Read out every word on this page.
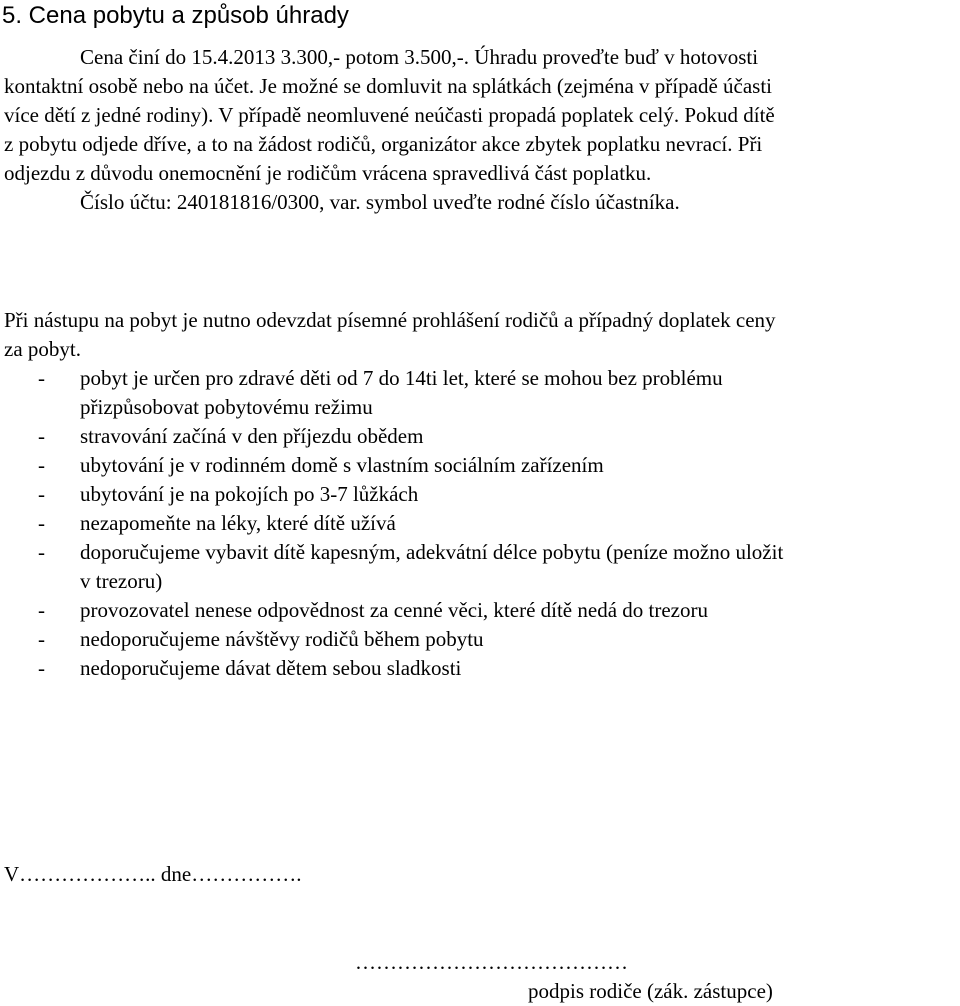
5. Cena pobytu a způsob úhrady
Cena činí do 15.4.2013 3.300,- potom 3.500,-. Úhradu proveďte buď v hotovosti
kontaktní osobě nebo na účet. Je možné se domluvit na splátkách (zejména v případě účasti
více dětí z jedné rodiny). V případě neomluvené neúčasti propadá poplatek celý. Pokud dítě
z pobytu odjede dříve, a to na žádost rodičů, organizátor akce zbytek poplatku nevrací. Při
odjezdu z důvodu onemocnění je rodičům vrácena spravedlivá část poplatku.
Číslo účtu: 240181816/0300, var. symbol uveďte rodné číslo účastníka.
Při nástupu na pobyt je nutno odevzdat písemné prohlášení rodičů a případný doplatek ceny
za pobyt.
- pobyt je určen pro zdravé děti od 7 do 14ti let, které se mohou bez problému
přizpůsobovat pobytovému režimu
- stravování začíná v den příjezdu obědem
- ubytování je v rodinném domě s vlastním sociálním zařízením
- ubytování je na pokojích po 3-7 lůžkách
- nezapomeňte na léky, které dítě užívá
- doporučujeme vybavit dítě kapesným, adekvátní délce pobytu (peníze možno uložit
v trezoru)
- provozovatel nenese odpovědnost za cenné věci, které dítě nedá do trezoru
- nedoporučujeme návštěvy rodičů během pobytu
- nedoporučujeme dávat dětem sebou sladkosti
V……………….. dne…………….
…………………………………
podpis rodiče (zák. zástupce)
